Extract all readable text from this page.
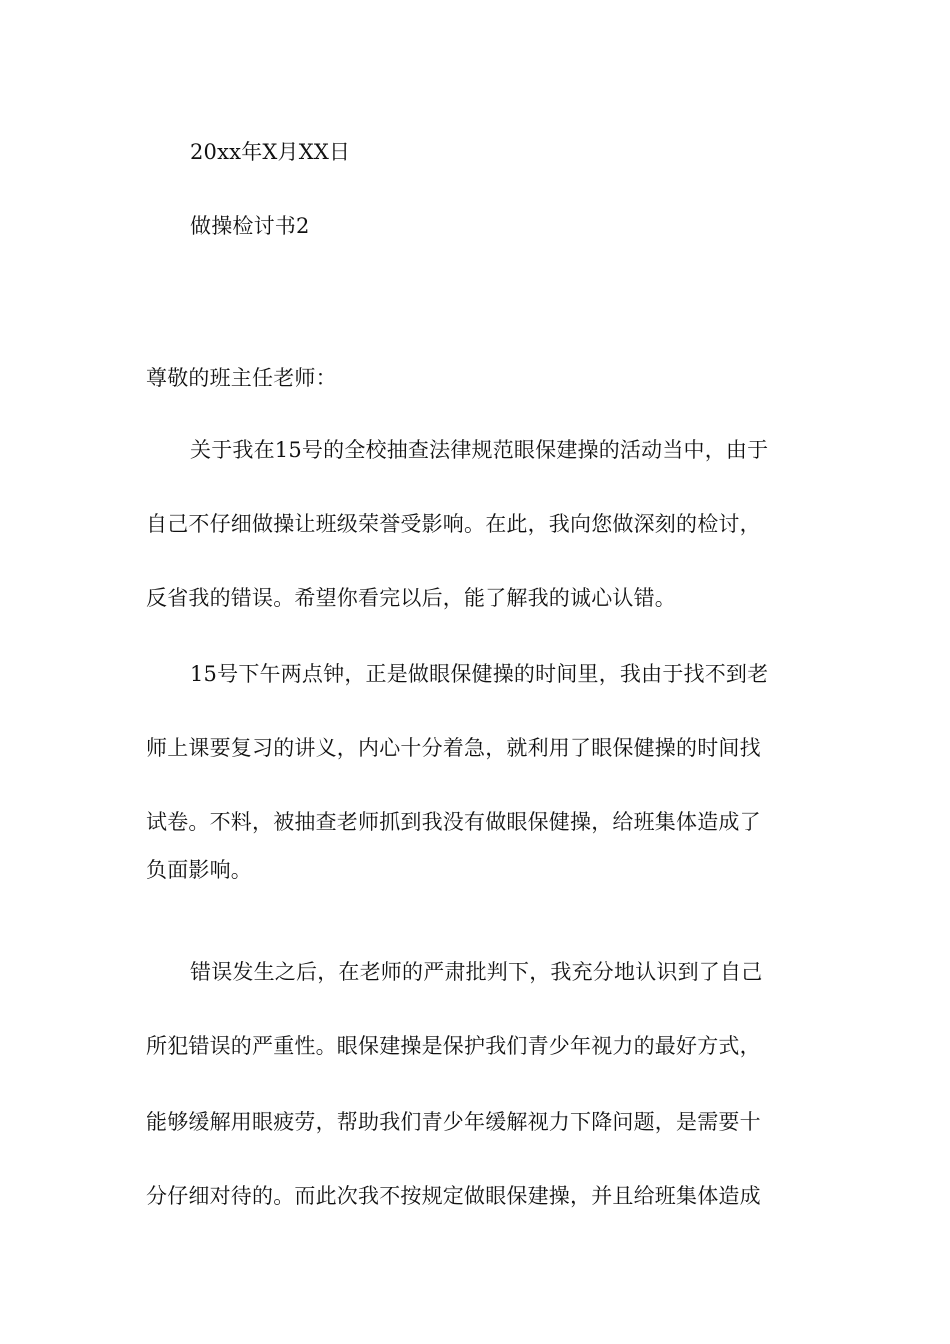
20xx年X月XX日
做操检讨书2
尊敬的班主任老师：
关于我在15号的全校抽查法律规范眼保建操的活动当中，由于
自己不仔细做操让班级荣誉受影响。在此，我向您做深刻的检讨，
反省我的错误。希望你看完以后，能了解我的诚心认错。
15号下午两点钟，正是做眼保健操的时间里，我由于找不到老
师上课要复习的讲义，内心十分着急，就利用了眼保健操的时间找
试卷。不料，被抽查老师抓到我没有做眼保健操，给班集体造成了
负面影响。
错误发生之后，在老师的严肃批判下，我充分地认识到了自己
所犯错误的严重性。眼保建操是保护我们青少年视力的最好方式，
能够缓解用眼疲劳，帮助我们青少年缓解视力下降问题，是需要十
分仔细对待的。而此次我不按规定做眼保建操，并且给班集体造成
